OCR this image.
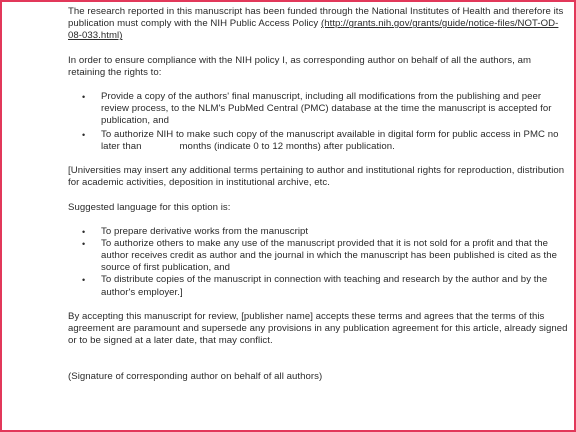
The research reported in this manuscript has been funded through the National Institutes of Health and therefore its publication must comply with the NIH Public Access Policy (http://grants.nih.gov/grants/guide/notice-files/NOT-OD-08-033.html)

In order to ensure compliance with the NIH policy I, as corresponding author on behalf of all the authors, am retaining the rights to:

• Provide a copy of the authors' final manuscript, including all modifications from the publishing and peer review process, to the NLM's PubMed Central (PMC) database at the time the manuscript is accepted for publication, and
• To authorize NIH to make such copy of the manuscript available in digital form for public access in PMC no later than	months (indicate 0 to 12 months) after publication.

[Universities may insert any additional terms pertaining to author and institutional rights for reproduction, distribution for academic activities, deposition in institutional archive, etc.

Suggested language for this option is:

• To prepare derivative works from the manuscript
• To authorize others to make any use of the manuscript provided that it is not sold for a profit and that the author receives credit as author and the journal in which the manuscript has been published is cited as the source of first publication, and
• To distribute copies of the manuscript in connection with teaching and research by the author and by the author's employer.]

By accepting this manuscript for review, [publisher name] accepts these terms and agrees that the terms of this agreement are paramount and supersede any provisions in any publication agreement for this article, already signed or to be signed at a later date, that may conflict.

(Signature of corresponding author on behalf of all authors)
